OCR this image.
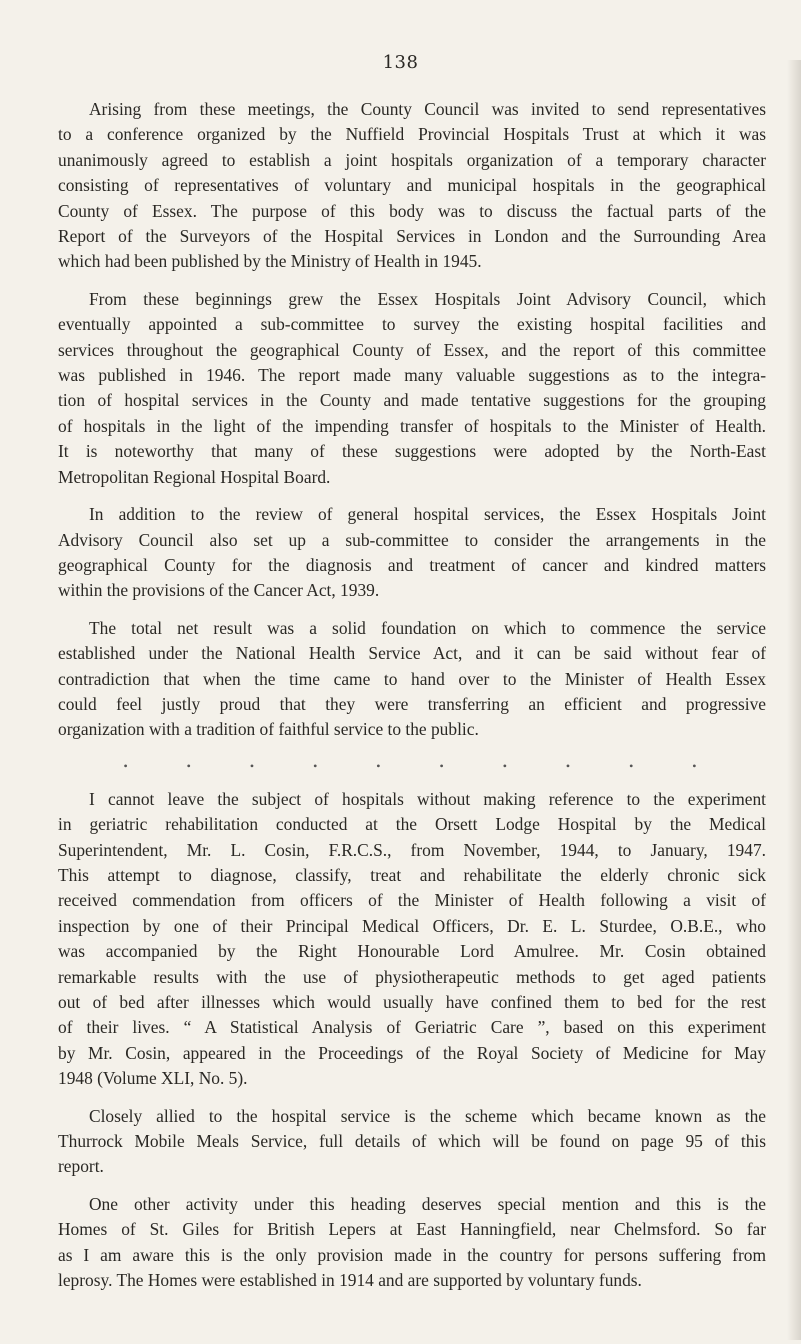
138
Arising from these meetings, the County Council was invited to send representatives
to a conference organized by the Nuffield Provincial Hospitals Trust at which it was
unanimously agreed to establish a joint hospitals organization of a temporary character
consisting of representatives of voluntary and municipal hospitals in the geographical
County of Essex. The purpose of this body was to discuss the factual parts of the
Report of the Surveyors of the Hospital Services in London and the Surrounding Area
which had been published by the Ministry of Health in 1945.
From these beginnings grew the Essex Hospitals Joint Advisory Council, which
eventually appointed a sub-committee to survey the existing hospital facilities and
services throughout the geographical County of Essex, and the report of this committee
was published in 1946. The report made many valuable suggestions as to the integra-
tion of hospital services in the County and made tentative suggestions for the grouping
of hospitals in the light of the impending transfer of hospitals to the Minister of Health.
It is noteworthy that many of these suggestions were adopted by the North-East
Metropolitan Regional Hospital Board.
In addition to the review of general hospital services, the Essex Hospitals Joint
Advisory Council also set up a sub-committee to consider the arrangements in the
geographical County for the diagnosis and treatment of cancer and kindred matters
within the provisions of the Cancer Act, 1939.
The total net result was a solid foundation on which to commence the service
established under the National Health Service Act, and it can be said without fear of
contradiction that when the time came to hand over to the Minister of Health Essex
could feel justly proud that they were transferring an efficient and progressive
organization with a tradition of faithful service to the public.
• • • • • • • • • •
I cannot leave the subject of hospitals without making reference to the experiment
in geriatric rehabilitation conducted at the Orsett Lodge Hospital by the Medical
Superintendent, Mr. L. Cosin, F.R.C.S., from November, 1944, to January, 1947.
This attempt to diagnose, classify, treat and rehabilitate the elderly chronic sick
received commendation from officers of the Minister of Health following a visit of
inspection by one of their Principal Medical Officers, Dr. E. L. Sturdee, O.B.E., who
was accompanied by the Right Honourable Lord Amulree. Mr. Cosin obtained
remarkable results with the use of physiotherapeutic methods to get aged patients
out of bed after illnesses which would usually have confined them to bed for the rest
of their lives. “ A Statistical Analysis of Geriatric Care ”, based on this experiment
by Mr. Cosin, appeared in the Proceedings of the Royal Society of Medicine for May
1948 (Volume XLI, No. 5).
Closely allied to the hospital service is the scheme which became known as the
Thurrock Mobile Meals Service, full details of which will be found on page 95 of this
report.
One other activity under this heading deserves special mention and this is the
Homes of St. Giles for British Lepers at East Hanningfield, near Chelmsford. So far
as I am aware this is the only provision made in the country for persons suffering from
leprosy. The Homes were established in 1914 and are supported by voluntary funds.
